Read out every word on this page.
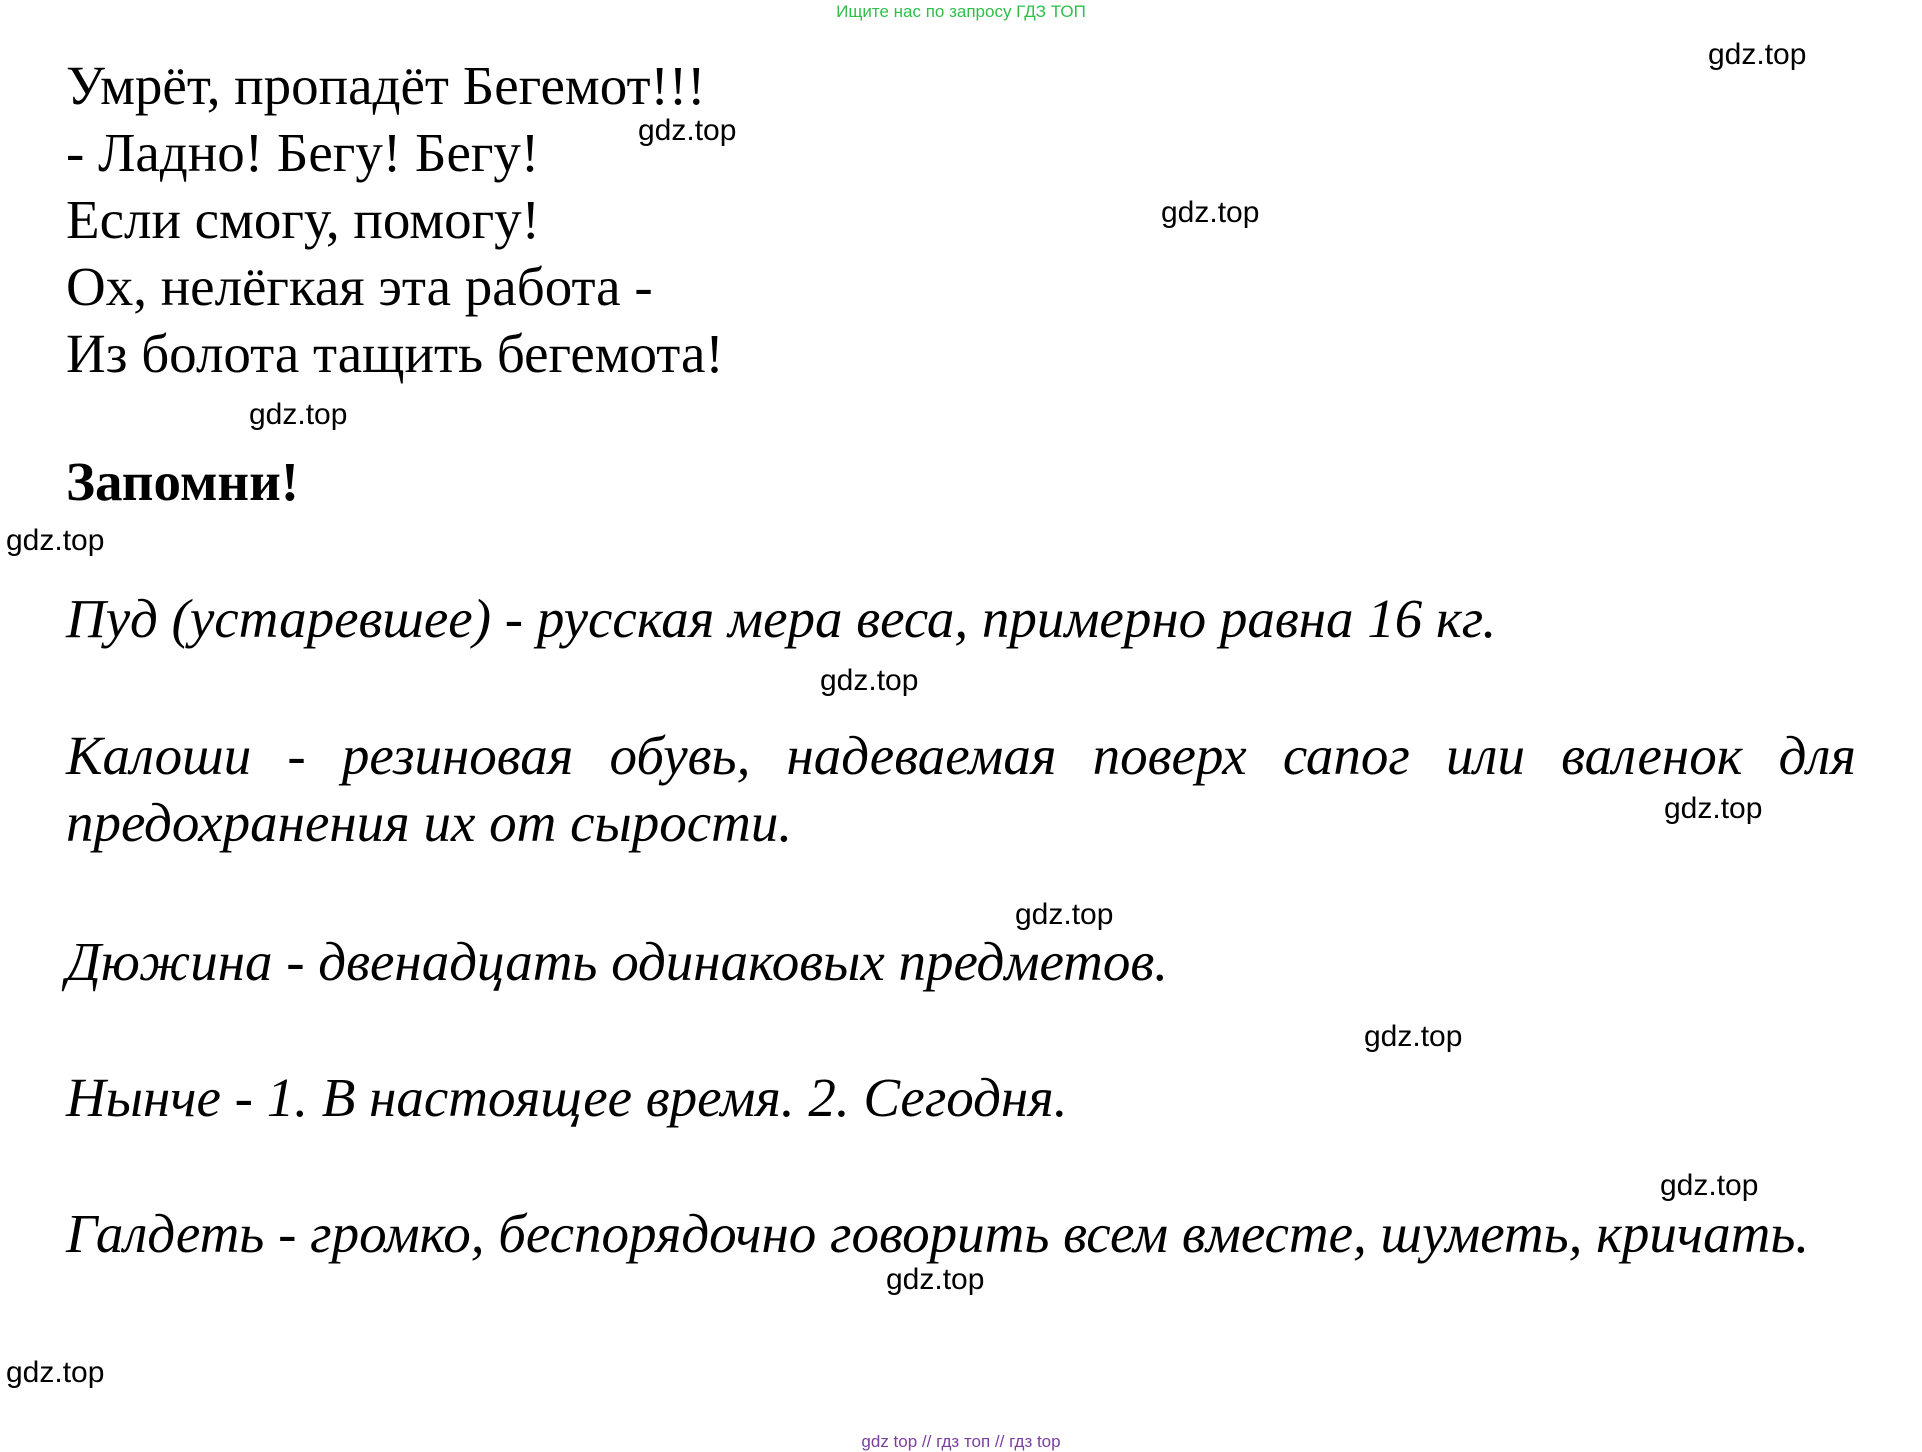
Ищите нас по запросу ГДЗ ТОП
Умрёт, пропадёт Бегемот!!!
- Ладно! Бегу! Бегу!
Если смогу, помогу!
Ох, нелёгкая эта работа -
Из болота тащить бегемота!
Запомни!
Пуд (устаревшее) - русская мера веса, примерно равна 16 кг.
Калоши - резиновая обувь, надеваемая поверх сапог или валенок для предохранения их от сырости.
Дюжина - двенадцать одинаковых предметов.
Нынче - 1. В настоящее время. 2. Сегодня.
Галдеть - громко, беспорядочно говорить всем вместе, шуметь, кричать.
gdz.top
gdz.top
gdz.top
gdz.top
gdz.top
gdz.top
gdz.top
gdz.top
gdz.top
gdz.top
gdz.top
gdz.top
gdz top // гдз топ // гдз top
